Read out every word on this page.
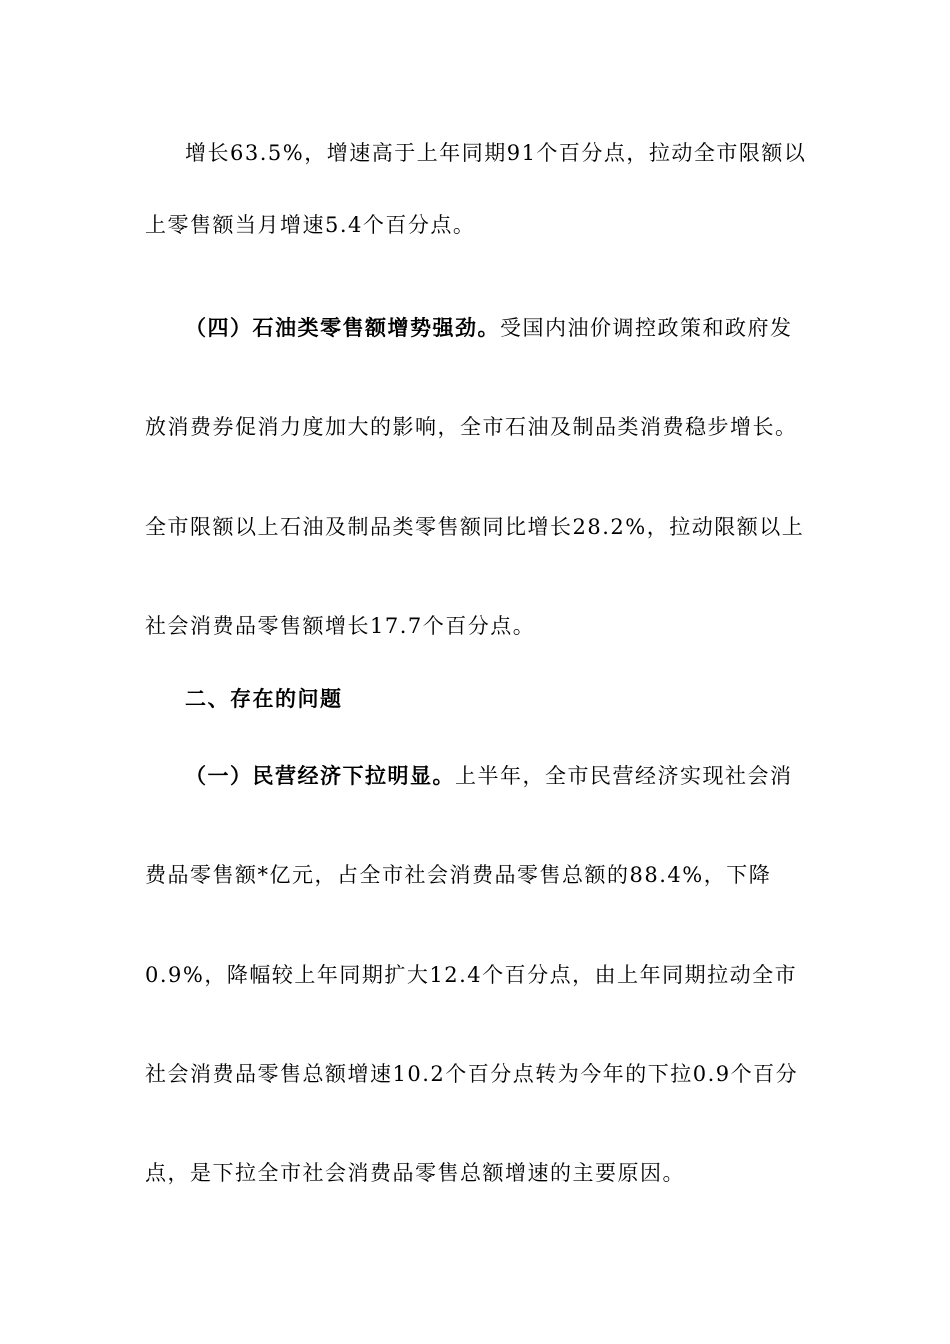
增长63.5%，增速高于上年同期91个百分点，拉动全市限额以

上零售额当月增速5.4个百分点。

（四）石油类零售额增势强劲。受国内油价调控政策和政府发

放消费券促消力度加大的影响，全市石油及制品类消费稳步增长。

全市限额以上石油及制品类零售额同比增长28.2%，拉动限额以上

社会消费品零售额增长17.7个百分点。

二、存在的问题

（一）民营经济下拉明显。上半年，全市民营经济实现社会消

费品零售额*亿元，占全市社会消费品零售总额的88.4%，下降

0.9%，降幅较上年同期扩大12.4个百分点，由上年同期拉动全市

社会消费品零售总额增速10.2个百分点转为今年的下拉0.9个百分

点，是下拉全市社会消费品零售总额增速的主要原因。
